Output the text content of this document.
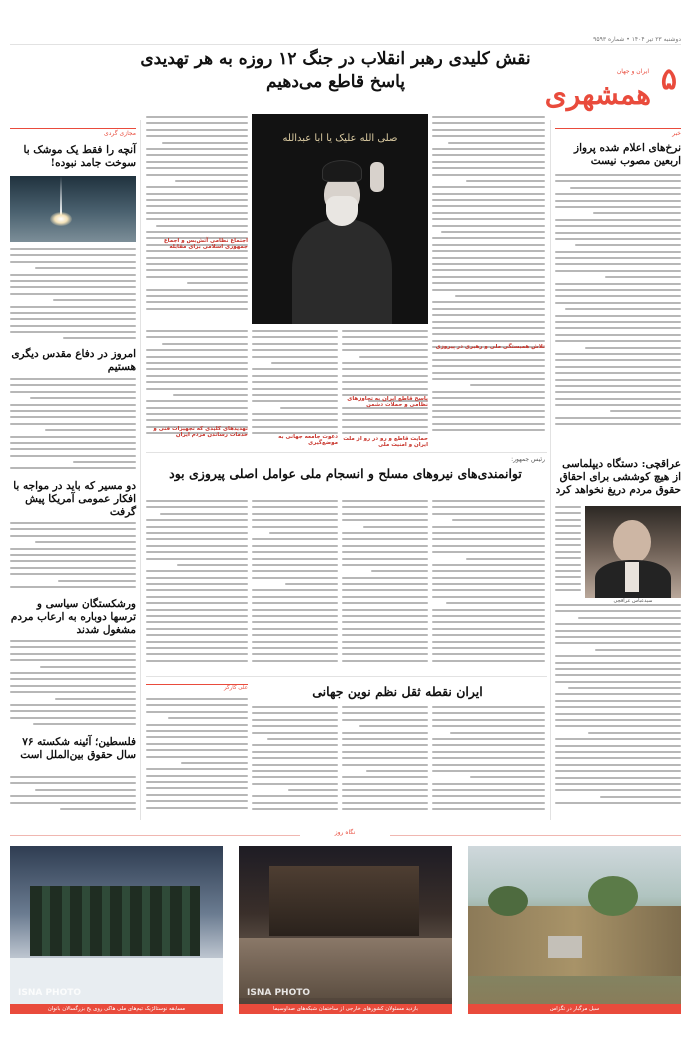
۵
ایران و جهان
همشهری
دوشنبه ۲۳ تیر ۱۴۰۴ • شماره ۹۵۹۳
نقش کلیدی رهبر انقلاب در جنگ ۱۲ روزه به هر تهدیدی پاسخ قاطع می‌دهیم
خبر
نرخ‌های اعلام شده پرواز اربعین مصوب نیست
عراقچی: دستگاه دیپلماسی از هیچ کوششی برای احقاق حقوق مردم دریغ نخواهد کرد
مجازی گردی
آنچه را فقط یک موشک با سوخت جامد نبوده!
امروز در دفاع مقدس دیگری هستیم
دو مسیر که باید در مواجه با افکار عمومی آمریکا پیش گرفت
ورشکستگان سیاسی و ترسها دوباره به ارعاب مردم مشغول شدند
فلسطین؛ آئینه شکسته ۷۶ سال حقوق بین‌الملل است
تلاش همبستگی ملی و رهبری در پیروزی
صلی الله علیک یا ابا عبدالله
پاسخ قاطع ایران به تجاوزهای نظامی و حملات دشمن
دعوت جامعه جهانی به موضع‌گیری
اجتماع نظامی آتش‌بس و اجماع جمهوری اسلامی برای مقابله
رئیس جمهور:
توانمندی‌های نیروهای مسلح و انسجام ملی عوامل اصلی پیروزی بود
ایران نقطه ثقل نظم نوین جهانی
علی کارگر
نگاه روز
سیل مرگبار در تگزاس
ISNA PHOTO
بازدید مسئولان کشورهای خارجی از ساختمان شبکه‌های صداوسیما
ISNA PHOTO
مسابقه نوستالژیک تیم‌های ملی هاکی روی یخ بزرگسالان بانوان
سیدعباس عراقچی
تهدیدهای کلیدی که تجهیزات فنی و خدمات رساندن مردم ایران
حمایت قاطع و رو در رو از ملت ایران و امنیت ملی
